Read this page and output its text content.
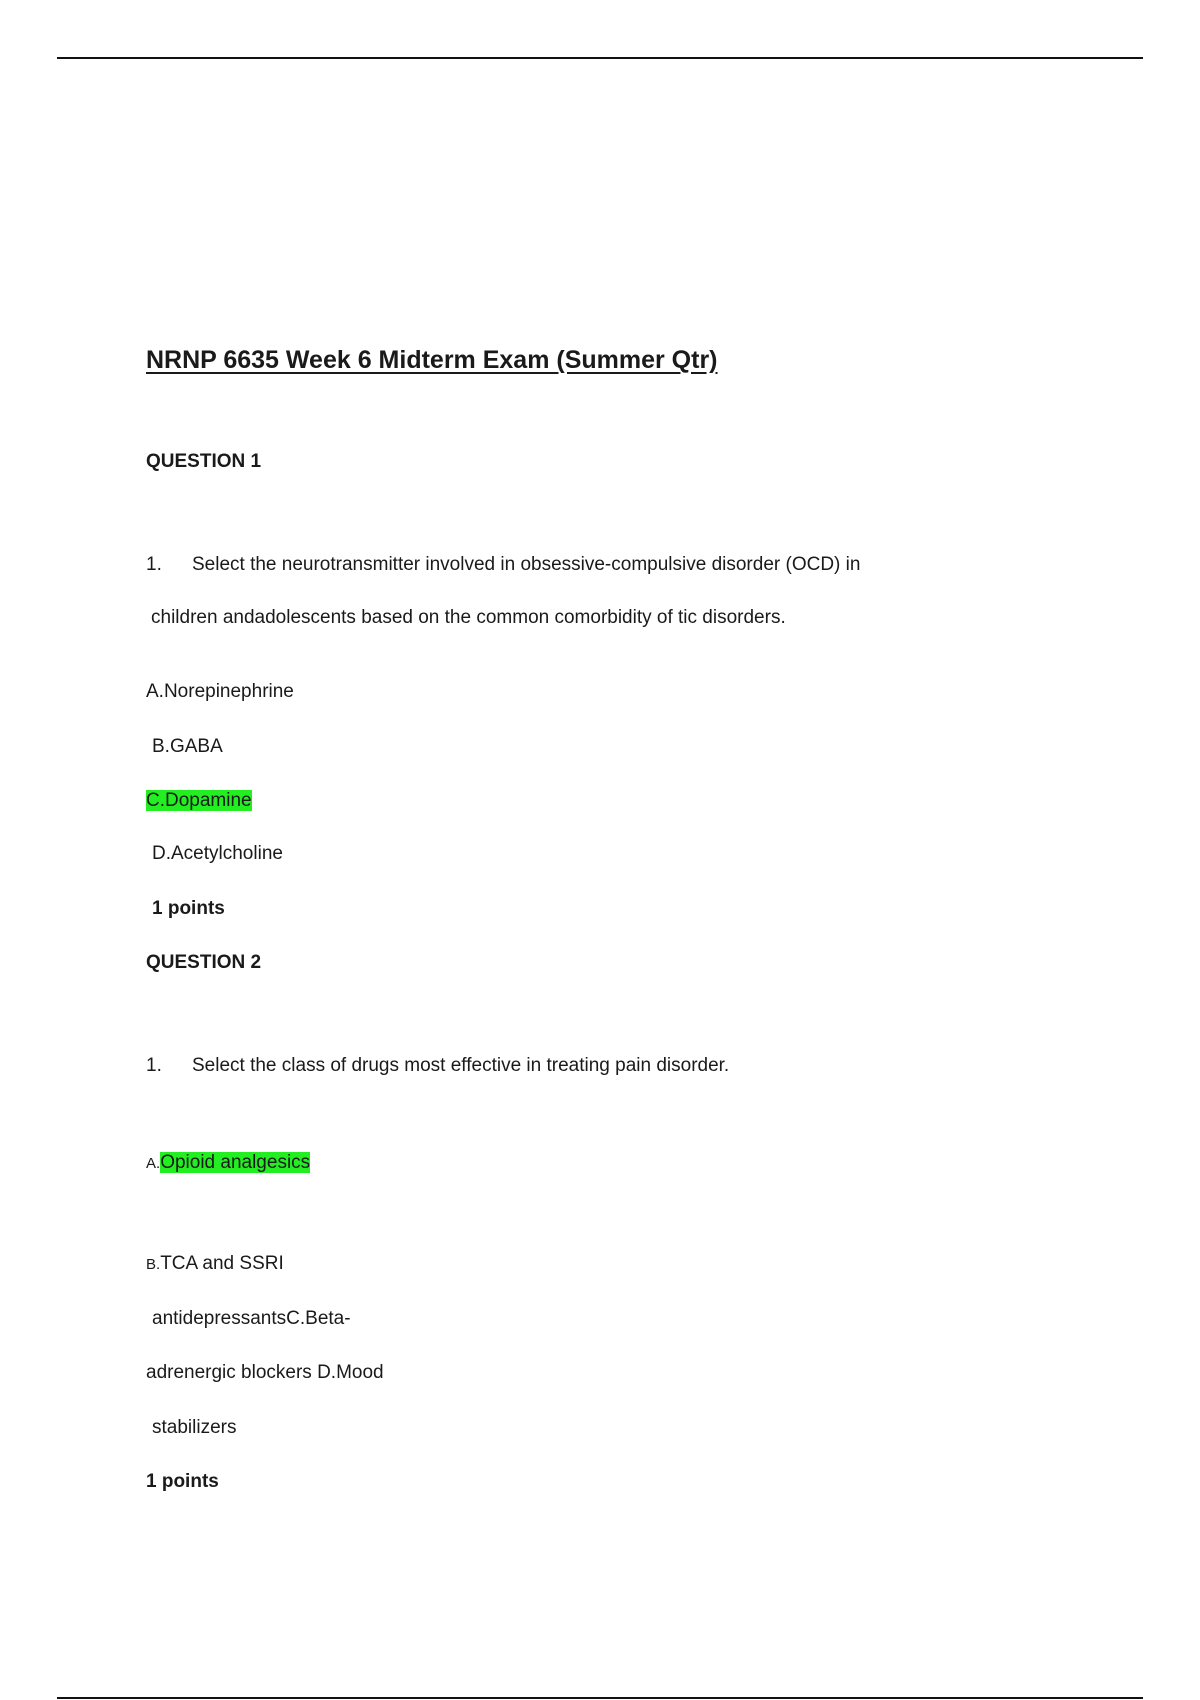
NRNP 6635 Week 6 Midterm Exam (Summer Qtr)
QUESTION 1
1. Select the neurotransmitter involved in obsessive-compulsive disorder (OCD) in
children andadolescents based on the common comorbidity of tic disorders.
A.Norepinephrine
B.GABA
C.Dopamine
D.Acetylcholine
1 points
QUESTION 2
1. Select the class of drugs most effective in treating pain disorder.
A.Opioid analgesics
B.TCA and SSRI
antidepressantsC.Beta-
adrenergic blockers D.Mood
stabilizers
1 points
